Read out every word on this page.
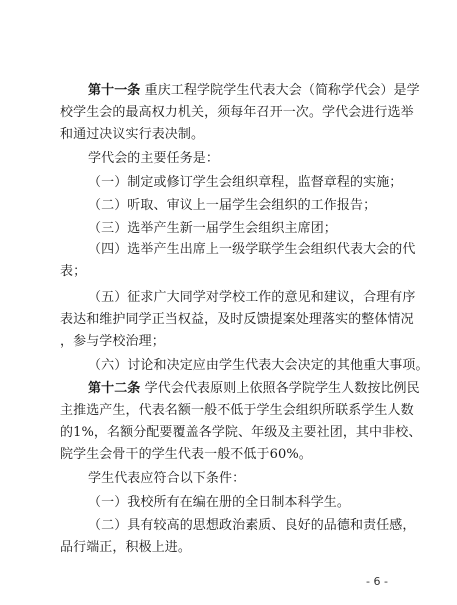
第十一条 重庆工程学院学生代表大会（简称学代会）是学
校学生会的最高权力机关，须每年召开一次。学代会进行选举
和通过决议实行表决制。
学代会的主要任务是：
（一）制定或修订学生会组织章程，监督章程的实施；
（二）听取、审议上一届学生会组织的工作报告；
（三）选举产生新一届学生会组织主席团；
（四）选举产生出席上一级学联学生会组织代表大会的代
表；
（五）征求广大同学对学校工作的意见和建议，合理有序
表达和维护同学正当权益，及时反馈提案处理落实的整体情况
，参与学校治理；
（六）讨论和决定应由学生代表大会决定的其他重大事项。
第十二条 学代会代表原则上依照各学院学生人数按比例民
主推选产生，代表名额一般不低于学生会组织所联系学生人数
的1%，名额分配要覆盖各学院、年级及主要社团，其中非校、
院学生会骨干的学生代表一般不低于60%。
学生代表应符合以下条件：
（一）我校所有在编在册的全日制本科学生。
（二）具有较高的思想政治素质、良好的品德和责任感，
品行端正，积极上进。
- 6 -
